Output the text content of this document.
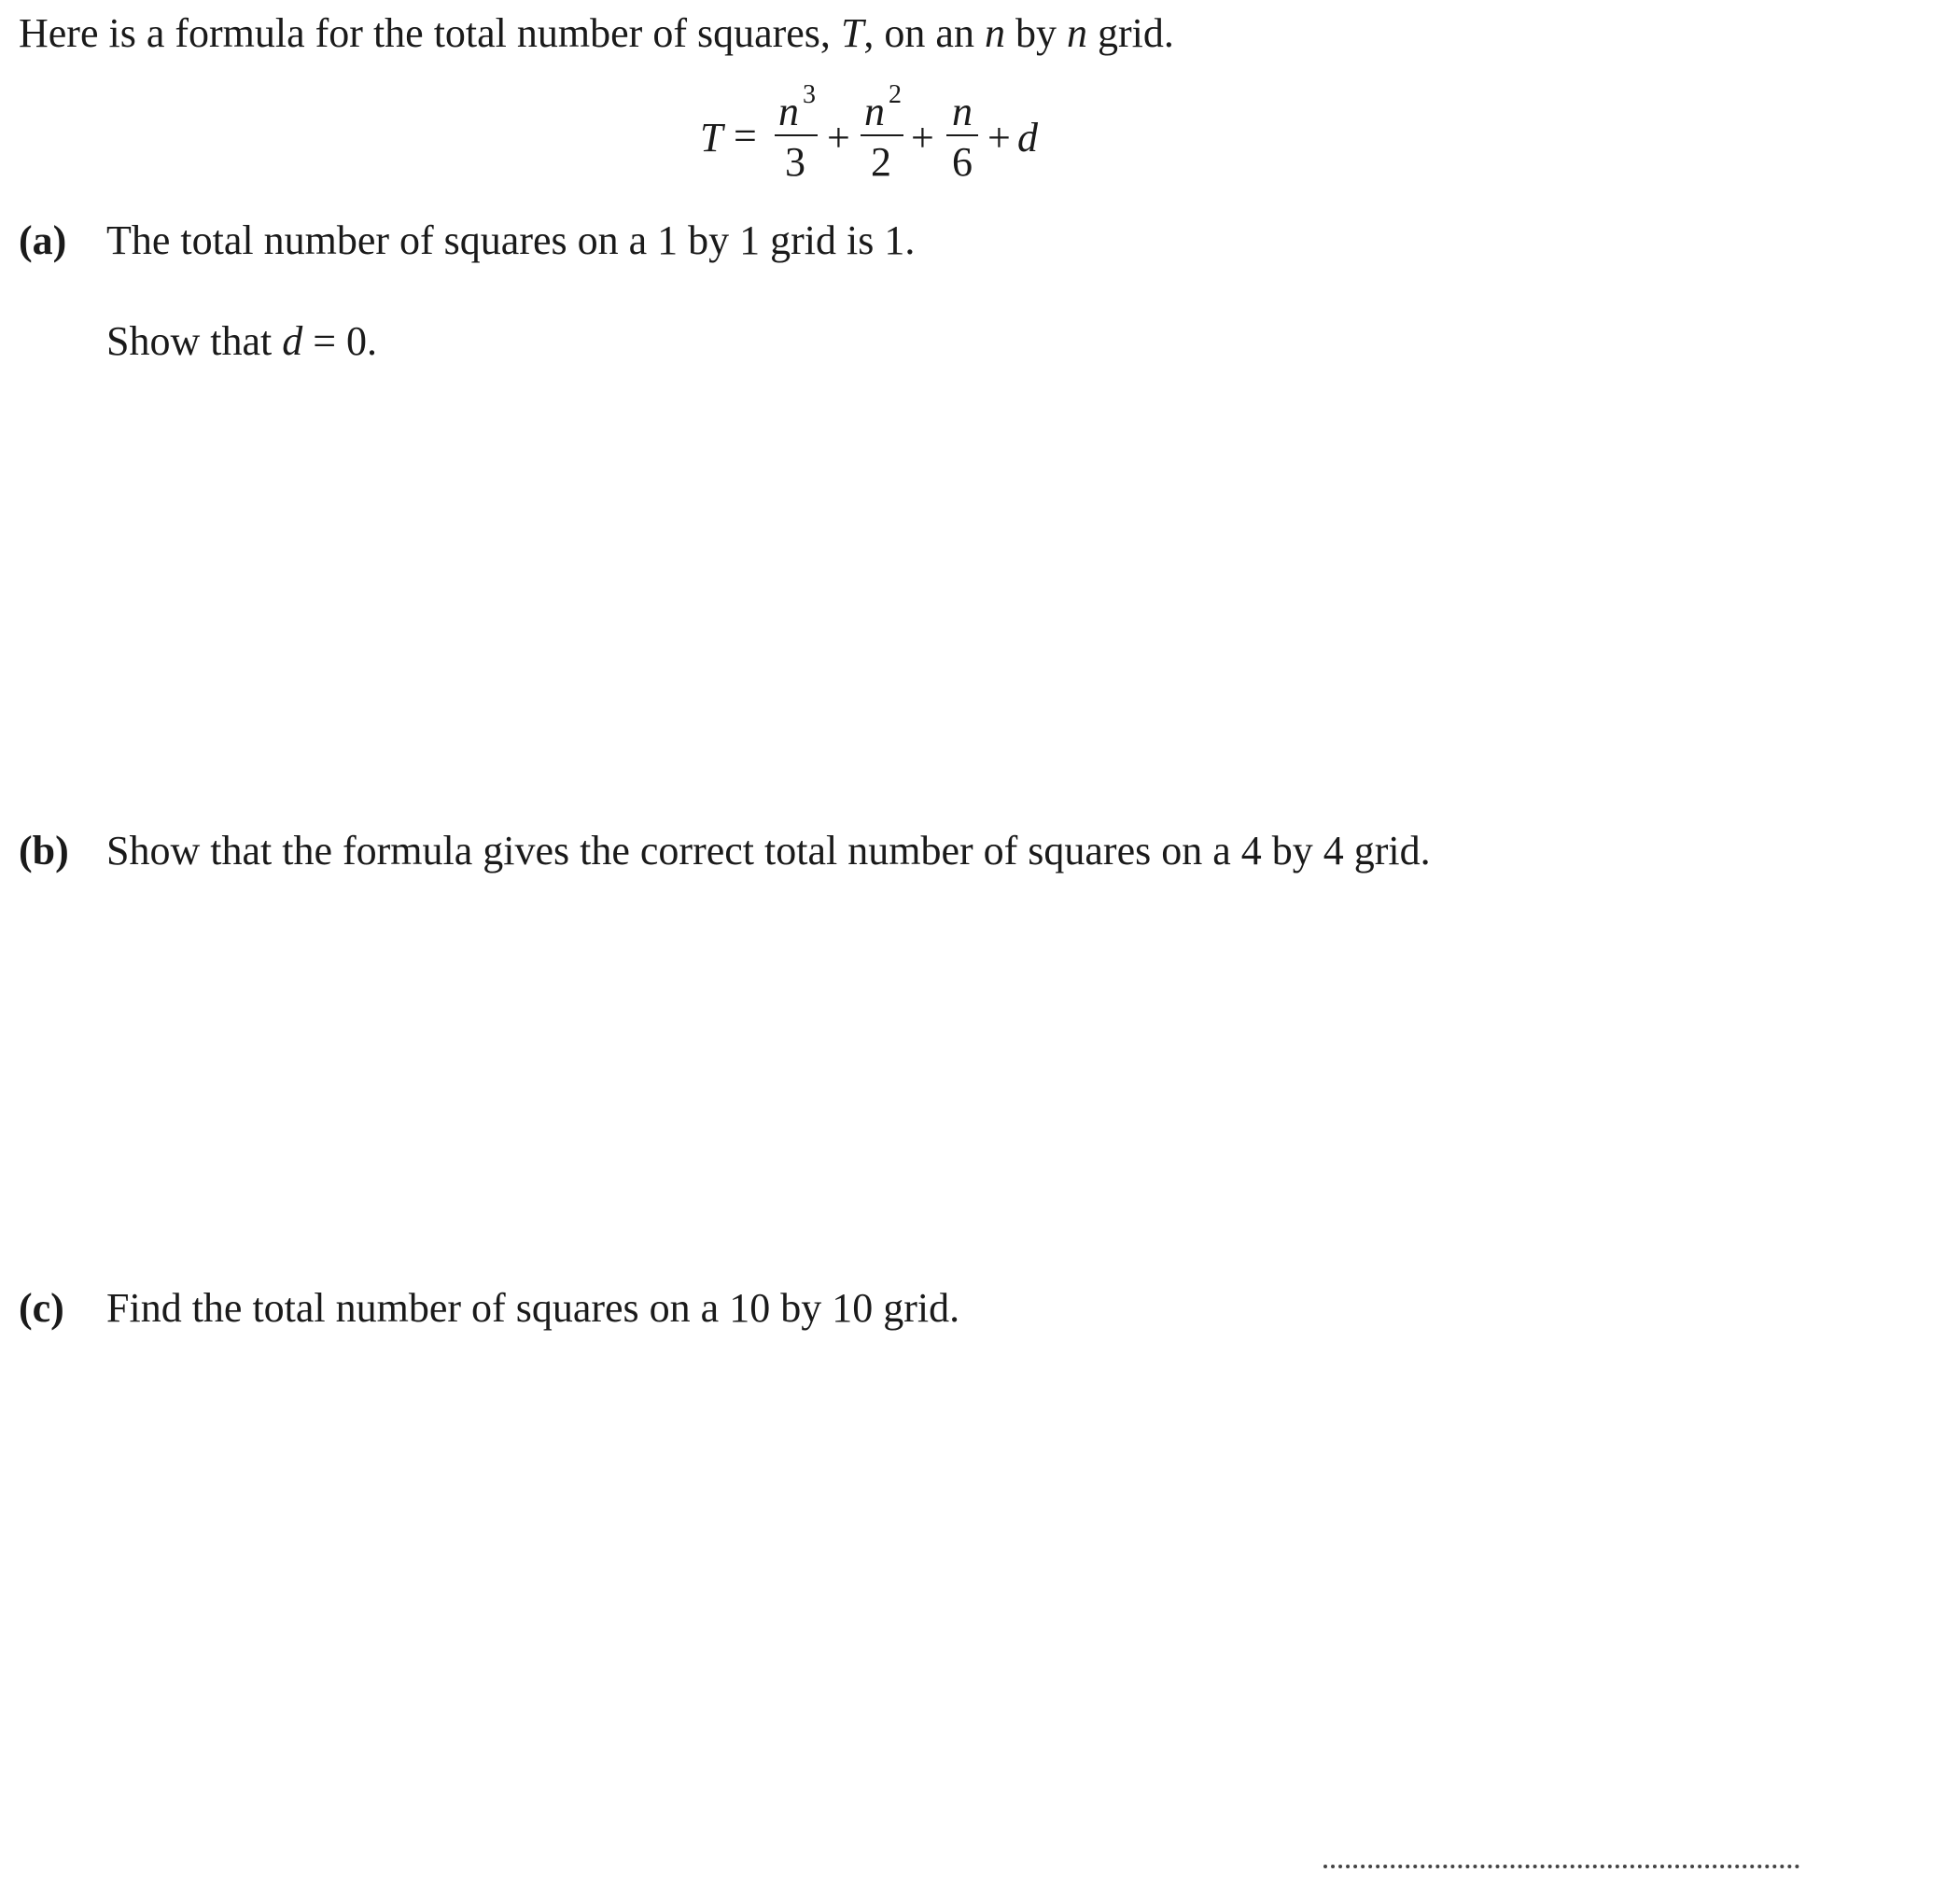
Here is a formula for the total number of squares, T, on an n by n grid.
T =
n 3
3
+
n 2
2
+
n
6
+ d
(a) The total number of squares on a 1 by 1 grid is 1.
Show that d = 0.
(b) Show that the formula gives the correct total number of squares on a 4 by 4 grid.
(c) Find the total number of squares on a 10 by 10 grid.
